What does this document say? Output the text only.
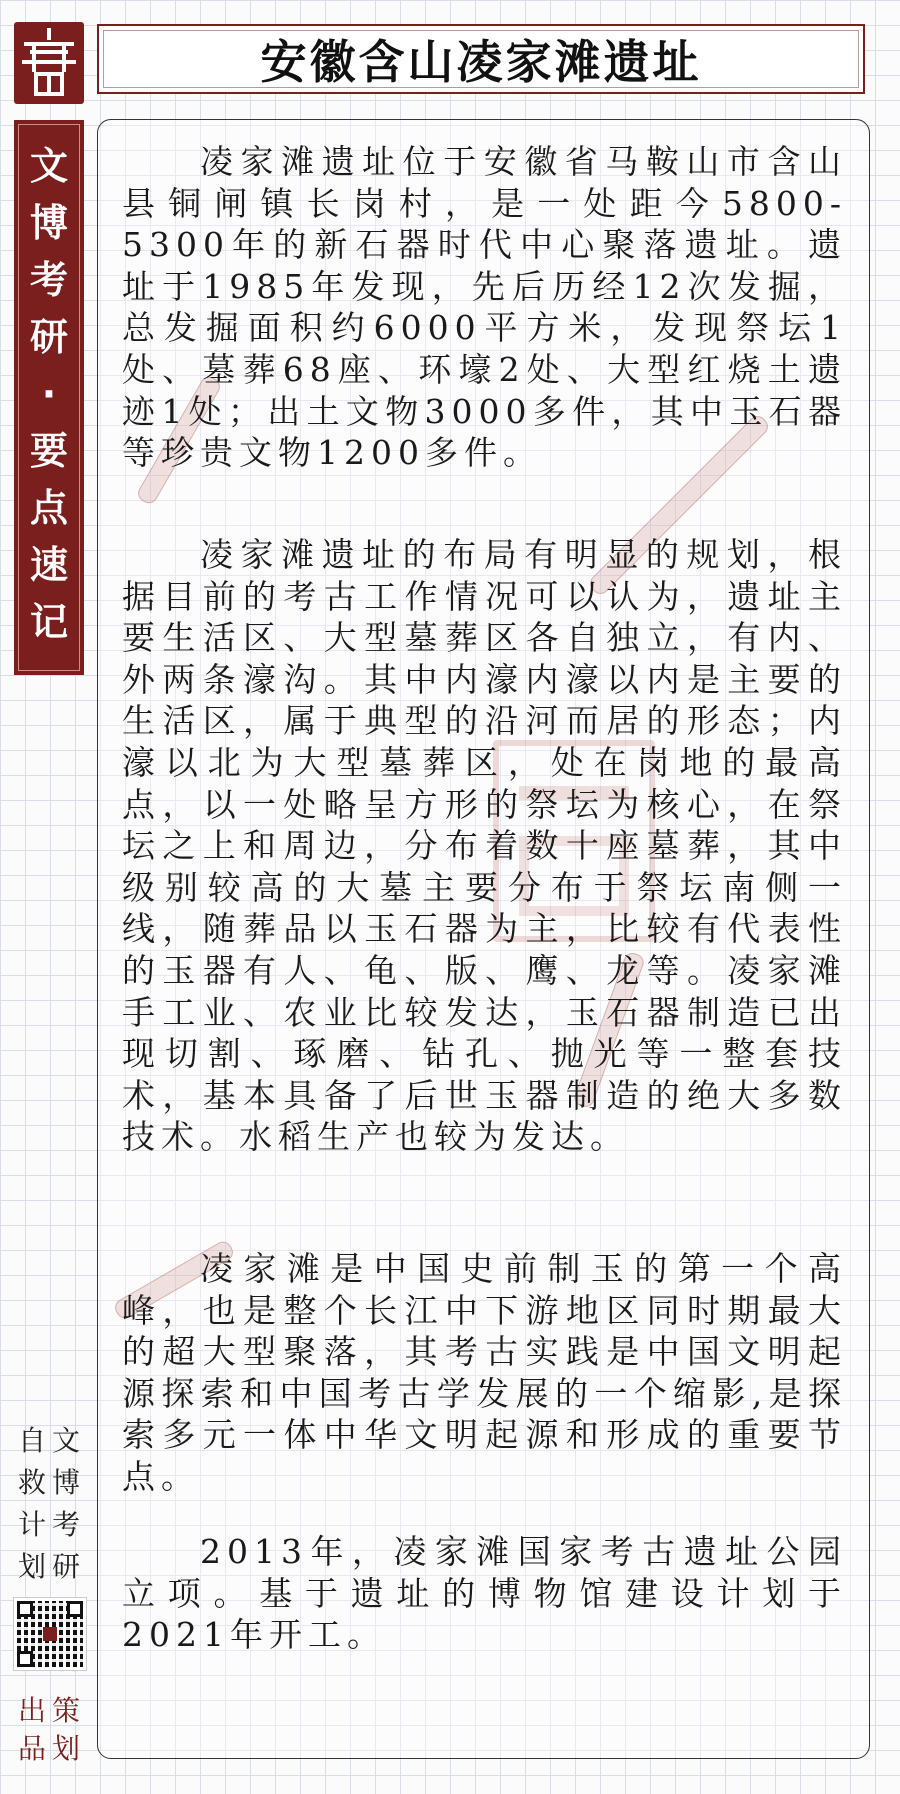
安徽含山凌家滩遗址
文
博
考
研
·
要
点
速
记

凌家滩遗址位于安徽省马鞍山市含山县铜闸镇长岗村，是一处距今5800-5300年的新石器时代中心聚落遗址。遗址于1985年发现，先后历经12次发掘，总发掘面积约6000平方米，发现祭坛1处、墓葬68座、环壕2处、大型红烧土遗迹1处；出土文物3000多件，其中玉石器等珍贵文物1200多件。

凌家滩遗址的布局有明显的规划，根据目前的考古工作情况可以认为，遗址主要生活区、大型墓葬区各自独立，有内、外两条濠沟。其中内濠内濠以内是主要的生活区，属于典型的沿河而居的形态；内濠以北为大型墓葬区，处在岗地的最高点，以一处略呈方形的祭坛为核心，在祭坛之上和周边，分布着数十座墓葬，其中级别较高的大墓主要分布于祭坛南侧一线，随葬品以玉石器为主，比较有代表性的玉器有人、龟、版、鹰、龙等。凌家滩手工业、农业比较发达，玉石器制造已出现切割、琢磨、钻孔、抛光等一整套技术，基本具备了后世玉器制造的绝大多数技术。水稻生产也较为发达。

凌家滩是中国史前制玉的第一个高峰，也是整个长江中下游地区同时期最大的超大型聚落，其考古实践是中国文明起源探索和中国考古学发展的一个缩影,是探索多元一体中华文明起源和形成的重要节点。

2013年，凌家滩国家考古遗址公园立项。基于遗址的博物馆建设计划于2021年开工。

自
救
计
划
文
博
考
研
出
品
策
划
